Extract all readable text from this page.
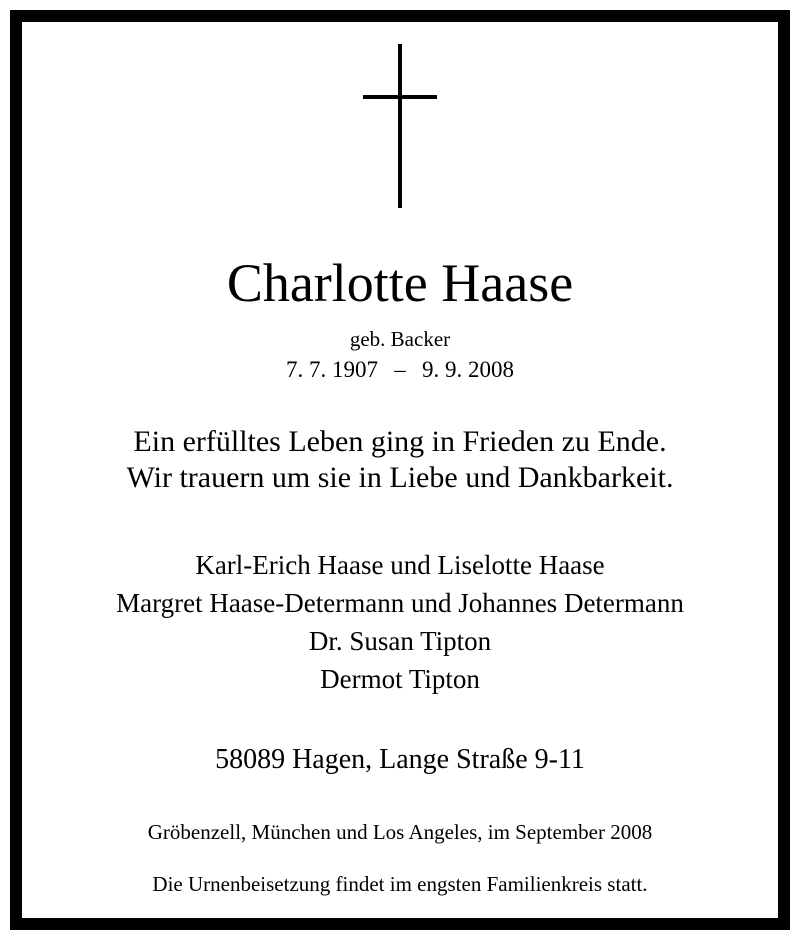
Charlotte Haase
geb. Backer
7. 7. 1907 – 9. 9. 2008
Ein erfülltes Leben ging in Frieden zu Ende.
Wir trauern um sie in Liebe und Dankbarkeit.
Karl-Erich Haase und Liselotte Haase
Margret Haase-Determann und Johannes Determann
Dr. Susan Tipton
Dermot Tipton
58089 Hagen, Lange Straße 9-11
Gröbenzell, München und Los Angeles, im September 2008
Die Urnenbeisetzung findet im engsten Familienkreis statt.
